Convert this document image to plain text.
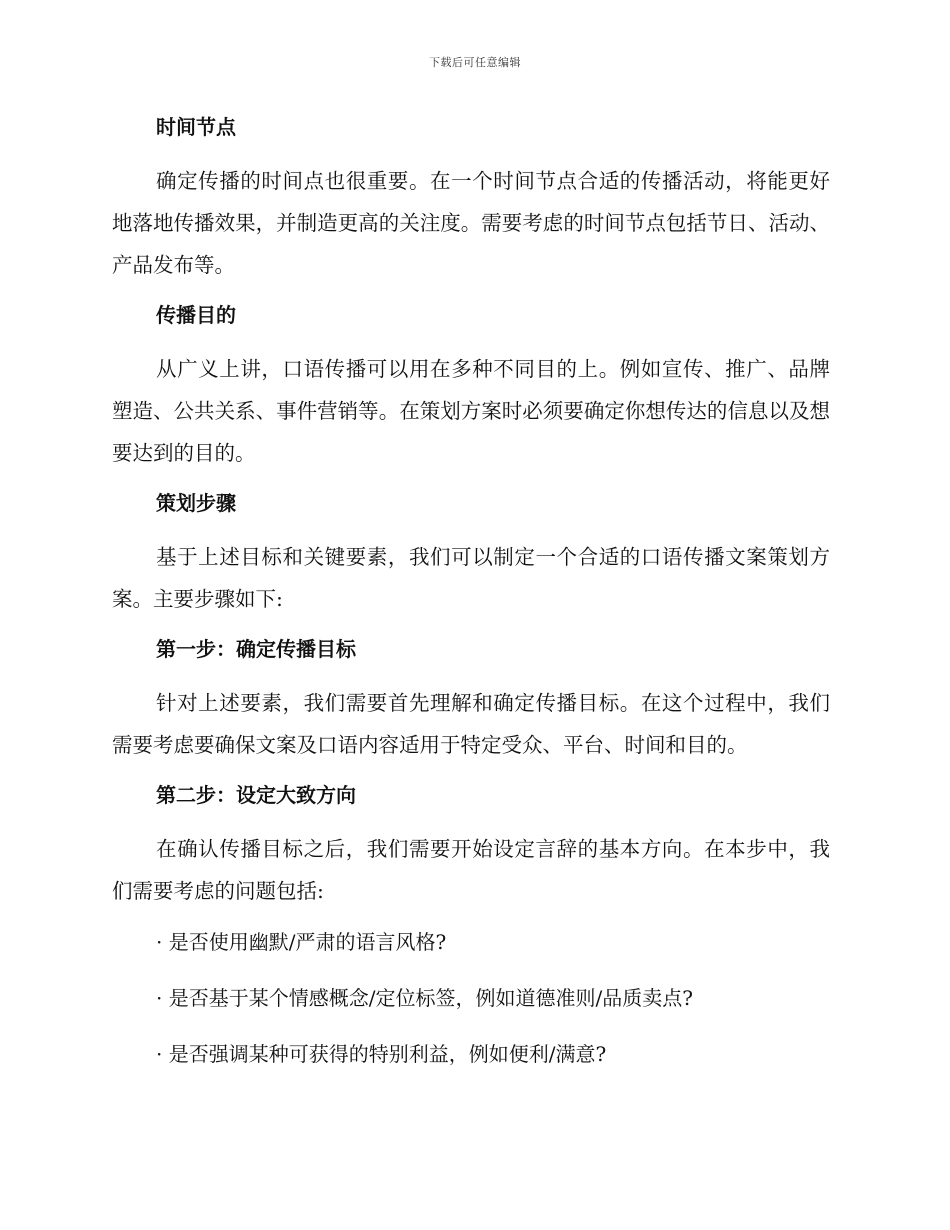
下载后可任意编辑
时间节点

确定传播的时间点也很重要。在一个时间节点合适的传播活动，将能更好地落地传播效果，并制造更高的关注度。需要考虑的时间节点包括节日、活动、产品发布等。

传播目的

从广义上讲，口语传播可以用在多种不同目的上。例如宣传、推广、品牌塑造、公共关系、事件营销等。在策划方案时必须要确定你想传达的信息以及想要达到的目的。

策划步骤

基于上述目标和关键要素，我们可以制定一个合适的口语传播文案策划方案。主要步骤如下:

第一步：确定传播目标

针对上述要素，我们需要首先理解和确定传播目标。在这个过程中，我们需要考虑要确保文案及口语内容适用于特定受众、平台、时间和目的。

第二步：设定大致方向

在确认传播目标之后，我们需要开始设定言辞的基本方向。在本步中，我们需要考虑的问题包括:

· 是否使用幽默/严肃的语言风格?
· 是否基于某个情感概念/定位标签，例如道德准则/品质卖点?
· 是否强调某种可获得的特别利益，例如便利/满意?
